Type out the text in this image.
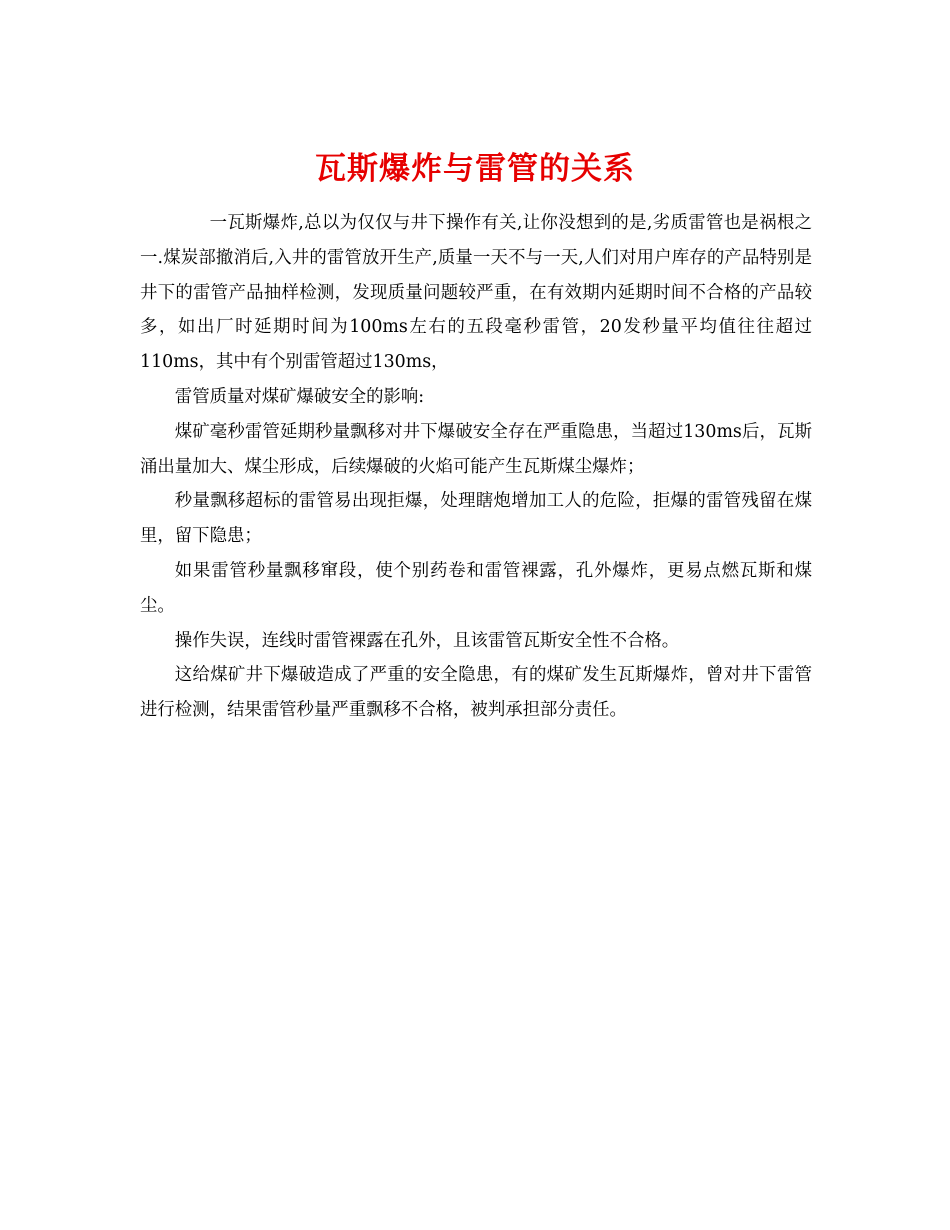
瓦斯爆炸与雷管的关系

一瓦斯爆炸,总以为仅仅与井下操作有关,让你没想到的是,劣质雷管也是祸根之一.煤炭部撤消后,入井的雷管放开生产,质量一天不与一天,人们对用户库存的产品特别是井下的雷管产品抽样检测，发现质量问题较严重，在有效期内延期时间不合格的产品较多，如出厂时延期时间为100ms左右的五段毫秒雷管，20发秒量平均值往往超过110ms，其中有个别雷管超过130ms，

雷管质量对煤矿爆破安全的影响:

煤矿毫秒雷管延期秒量飘移对井下爆破安全存在严重隐患，当超过130ms后，瓦斯涌出量加大、煤尘形成，后续爆破的火焰可能产生瓦斯煤尘爆炸；

秒量飘移超标的雷管易出现拒爆，处理瞎炮增加工人的危险，拒爆的雷管残留在煤里，留下隐患；

如果雷管秒量飘移窜段，使个别药卷和雷管裸露，孔外爆炸，更易点燃瓦斯和煤尘。

操作失误，连线时雷管裸露在孔外，且该雷管瓦斯安全性不合格。

这给煤矿井下爆破造成了严重的安全隐患，有的煤矿发生瓦斯爆炸，曾对井下雷管进行检测，结果雷管秒量严重飘移不合格，被判承担部分责任。
